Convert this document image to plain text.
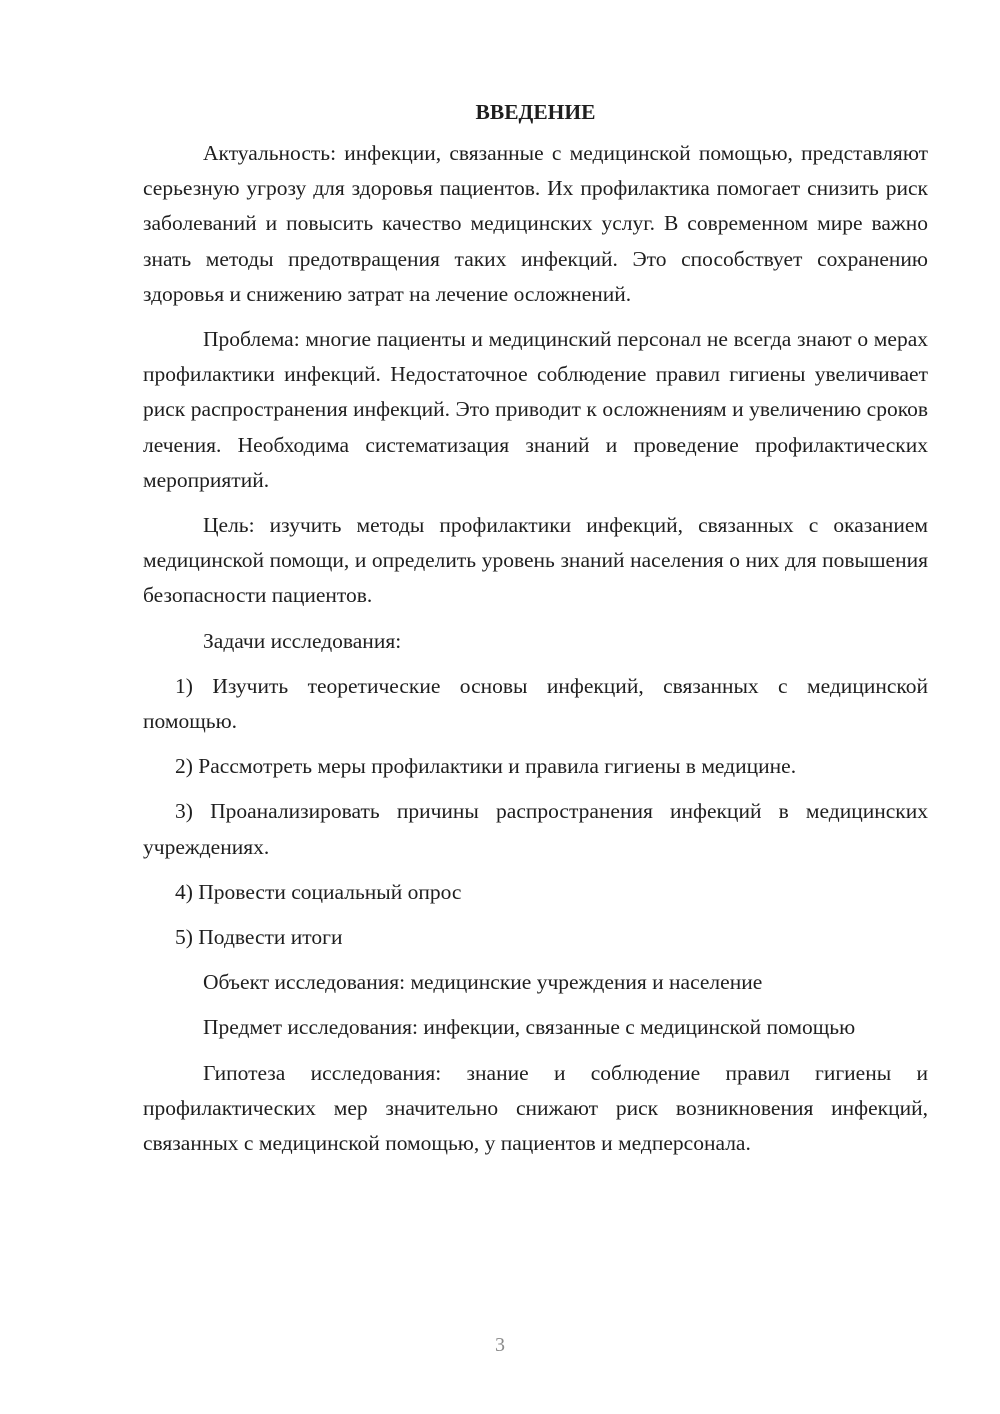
ВВЕДЕНИЕ

Актуальность: инфекции, связанные с медицинской помощью, представляют серьезную угрозу для здоровья пациентов. Их профилактика помогает снизить риск заболеваний и повысить качество медицинских услуг. В современном мире важно знать методы предотвращения таких инфекций. Это способствует сохранению здоровья и снижению затрат на лечение осложнений.

Проблема: многие пациенты и медицинский персонал не всегда знают о мерах профилактики инфекций. Недостаточное соблюдение правил гигиены увеличивает риск распространения инфекций. Это приводит к осложнениям и увеличению сроков лечения. Необходима систематизация знаний и проведение профилактических мероприятий.

Цель: изучить методы профилактики инфекций, связанных с оказанием медицинской помощи, и определить уровень знаний населения о них для повышения безопасности пациентов.

Задачи исследования:

1) Изучить теоретические основы инфекций, связанных с медицинской помощью.

2) Рассмотреть меры профилактики и правила гигиены в медицине.

3) Проанализировать причины распространения инфекций в медицинских учреждениях.

4) Провести социальный опрос

5) Подвести итоги

Объект исследования: медицинские учреждения и население

Предмет исследования: инфекции, связанные с медицинской помощью

Гипотеза исследования: знание и соблюдение правил гигиены и профилактических мер значительно снижают риск возникновения инфекций, связанных с медицинской помощью, у пациентов и медперсонала.

3
